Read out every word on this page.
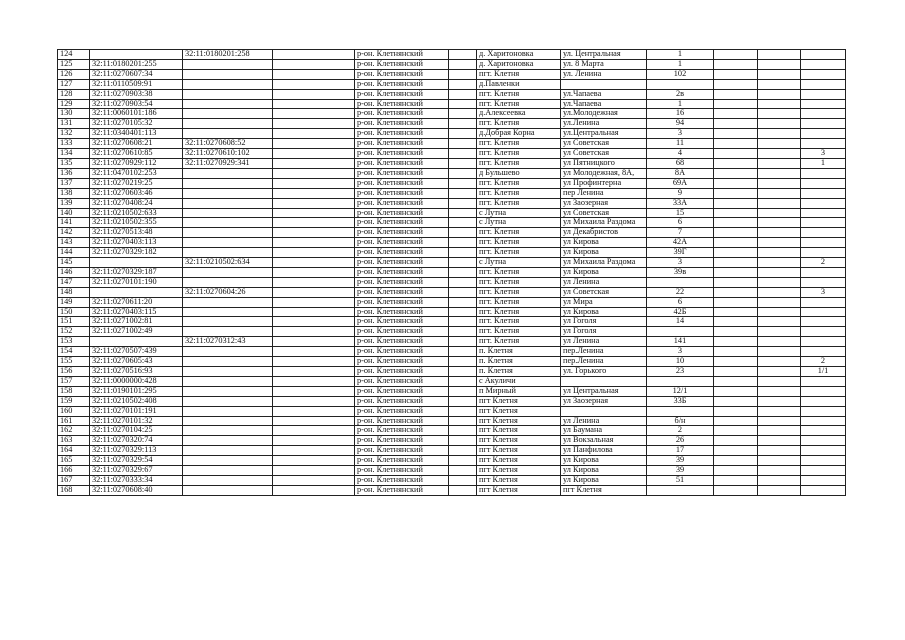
124		32:11:0180201:258		р-он. Клетнянский		д. Харитоновка	ул. Центральная	1			
125	32:11:0180201:255			р-он. Клетнянский		д. Харитоновка	ул. 8 Марта	1			
126	32:11:0270607:34			р-он. Клетнянский		пгт. Клетня	ул. Ленина	102			
127	32:11:0110509:91			р-он. Клетнянский		д.Павленки					
128	32:11:0270903:38			р-он. Клетнянский		пгт. Клетня	ул.Чапаева	2в			
129	32:11:0270903:54			р-он. Клетнянский		пгт. Клетня	ул.Чапаева	1			
130	32:11:0060101:186			р-он. Клетнянский		д.Алексеевка	ул.Молодежная	16			
131	32:11:0270105:32			р-он. Клетнянский		пгт. Клетня	ул.Ленина	94			
132	32:11:0340401:113			р-он. Клетнянский		д.Добрая Корна	ул.Центральная	3			
133	32:11:0270608:21	32:11:0270608:52		р-он. Клетнянский		пгт. Клетня	ул Советская	11			
134	32:11:0270610:85	32:11:0270610:102		р-он. Клетнянский		пгт. Клетня	ул Советская	4			3
135	32:11:0270929:112	32:11:0270929:341		р-он. Клетнянский		пгт. Клетня	ул Пятницкого	68			1
136	32:11:0470102:253			р-он. Клетнянский		д Бульшево	ул Молодежная, 8А,	8А			
137	32:11:0270219:25			р-он. Клетнянский		пгт. Клетня	ул Профинтерна	69А			
138	32:11:0270603:46			р-он. Клетнянский		пгт. Клетня	пер Ленина	9			
139	32:11:0270408:24			р-он. Клетнянский		пгт. Клетня	ул Заозерная	33А			
140	32:11:0210502:633			р-он. Клетнянский		с Лутна	ул Советская	15			
141	32:11:0210502:355			р-он. Клетнянский		с Лутна	ул Михаила Раздома	6			
142	32:11:0270513:48			р-он. Клетнянский		пгт. Клетня	ул Декабристов	7			
143	32:11:0270403:113			р-он. Клетнянский		пгт. Клетня	ул Кирова	42А			
144	32:11:0270329:182			р-он. Клетнянский		пгт. Клетня	ул Кирова	39Г			
145		32:11:0210502:634		р-он. Клетнянский		с Лутна	ул Михаила Раздома	3			2
146	32:11:0270329:187			р-он. Клетнянский		пгт. Клетня	ул Кирова	39в			
147	32:11:0270101:190			р-он. Клетнянский		пгт. Клетня	ул Ленина				
148		32:11:0270604:26		р-он. Клетнянский		пгт. Клетня	ул Советская	22			3
149	32:11:0270611:20			р-он. Клетнянский		пгт. Клетня	ул Мира	6			
150	32:11:0270403:115			р-он. Клетнянский		пгт. Клетня	ул Кирова	42Б			
151	32:11:0271002:81			р-он. Клетнянский		пгт. Клетня	ул Гоголя	14			
152	32:11:0271002:49			р-он. Клетнянский		пгт. Клетня	ул Гоголя				
153		32:11:0270312:43		р-он. Клетнянский		пгт. Клетня	ул Ленина	141			
154	32:11:0270507:439			р-он. Клетнянский		п. Клетня	пер.Ленина	3			
155	32:11:0270605:43			р-он. Клетнянский		п. Клетня	пер.Ленина	10			2
156	32:11:0270516:93			р-он. Клетнянский		п. Клетня	ул. Горького	23			1/1
157	32:11:0000000:428			р-он. Клетнянский		с Акуличи					
158	32:11:0190101:295			р-он. Клетнянский		п Мирный	ул Центральная	12/1			
159	32:11:0210502:408			р-он. Клетнянский		пгт Клетня	ул Заозерная	33Б			
160	32:11:0270101:191			р-он. Клетнянский		пгт Клетня					
161	32:11:0270101:32			р-он. Клетнянский		пгт Клетня	ул Ленина	б/н			
162	32:11:0270104:25			р-он. Клетнянский		пгт Клетня	ул Баумана	2			
163	32:11:0270320:74			р-он. Клетнянский		пгт Клетня	ул Вокзальная	26			
164	32:11:0270329:113			р-он. Клетнянский		пгт Клетня	ул Панфилова	17			
165	32:11:0270329:54			р-он. Клетнянский		пгт Клетня	ул Кирова	39			
166	32:11:0270329:67			р-он. Клетнянский		пгт Клетня	ул Кирова	39			
167	32:11:0270333:34			р-он. Клетнянский		пгт Клетня	ул Кирова	51			
168	32:11:0270608:40			р-он. Клетнянский		пгт Клетня	пгт Клетня				
